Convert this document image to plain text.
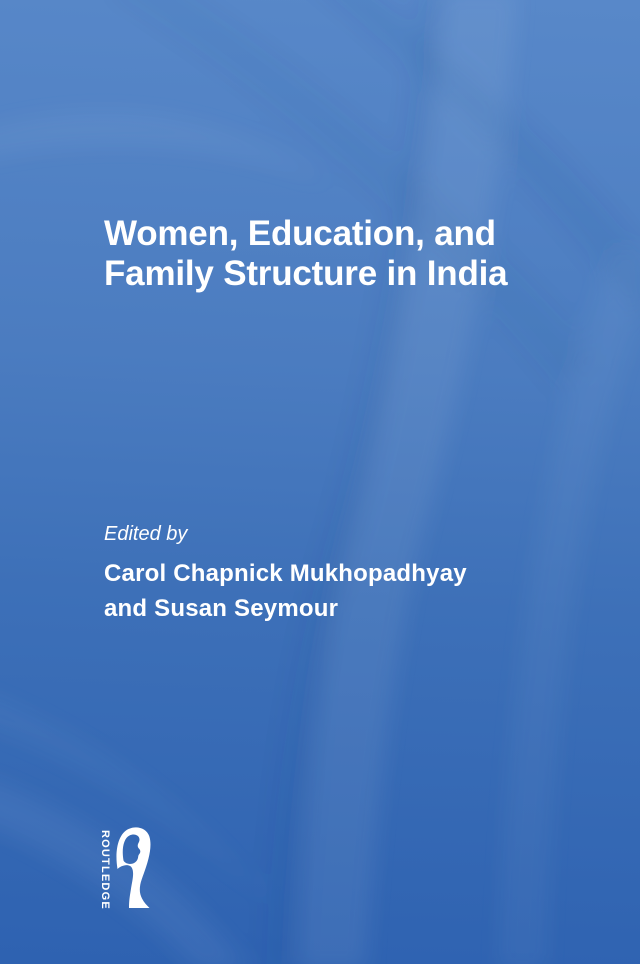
Women, Education, and
Family Structure in India
Edited by
Carol Chapnick Mukhopadhyay
and Susan Seymour
ROUTLEDGE
